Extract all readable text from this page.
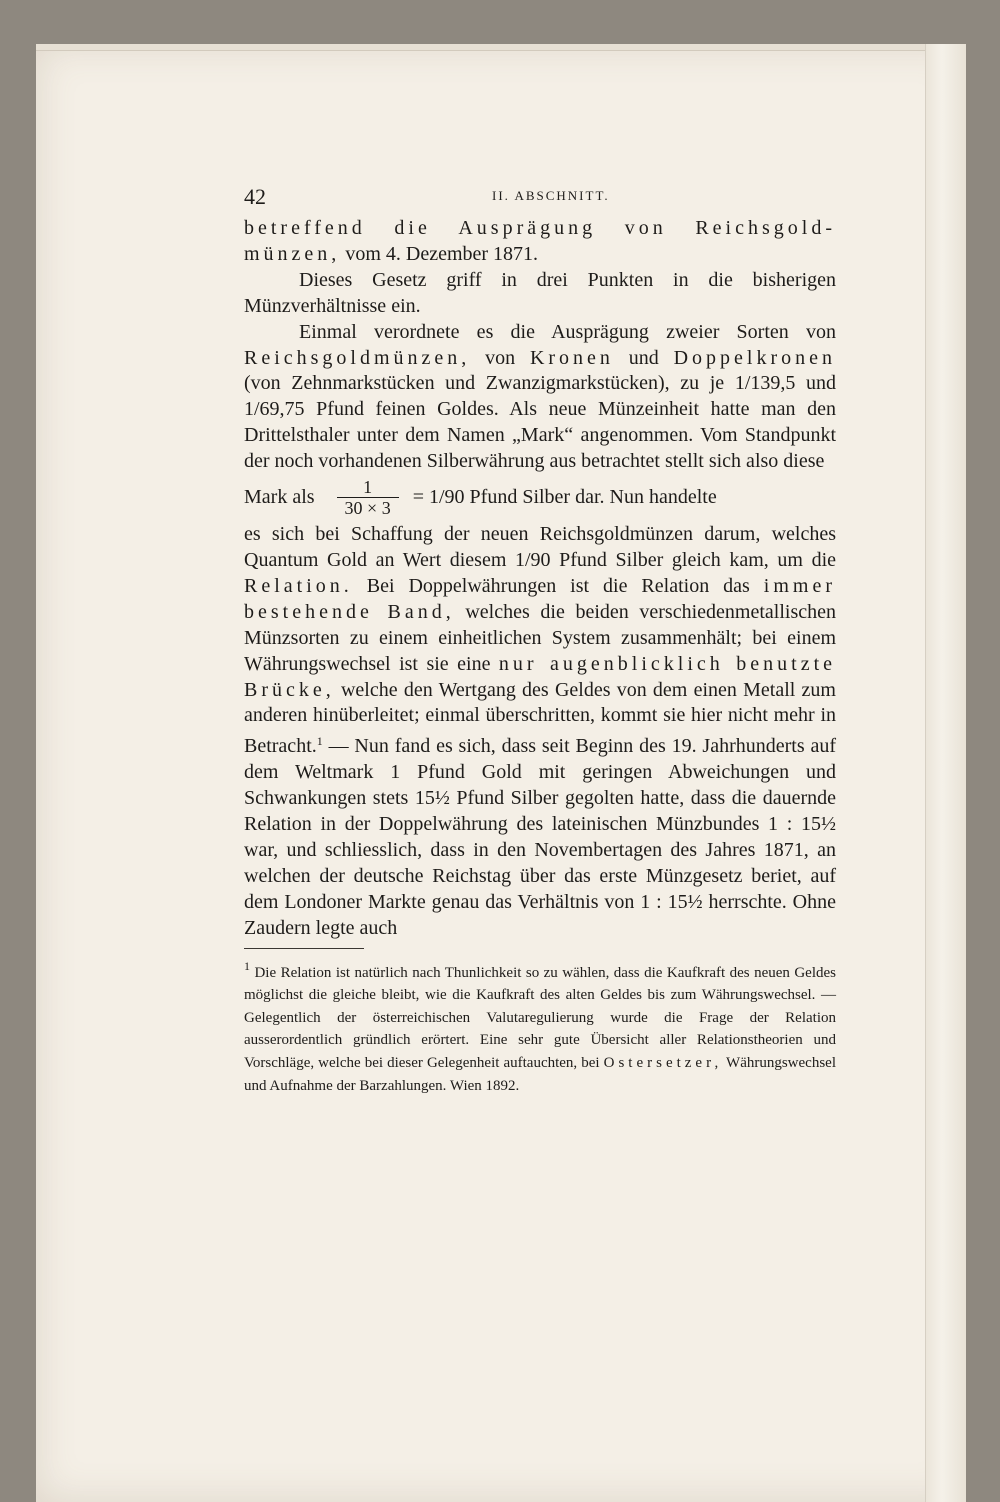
42	II. ABSCHNITT.

betreffend die Ausprägung von Reichsgold- münzen, vom 4. Dezember 1871.

Dieses Gesetz griff in drei Punkten in die bisherigen Münzverhältnisse ein.

Einmal verordnete es die Ausprägung zweier Sorten von Reichsgoldmünzen, von Kronen und Doppelkronen (von Zehnmarkstücken und Zwanzigmarkstücken), zu je 1/139,5 und 1/69,75 Pfund feinen Goldes. Als neue Münzeinheit hatte man den Drittelsthaler unter dem Namen „Mark“ angenommen. Vom Standpunkt der noch vorhandenen Silberwährung aus betrachtet stellt sich also diese

Mark als $\frac{1}{30 \times 3} = 1/90$ Pfund Silber dar. Nun handelte

es sich bei Schaffung der neuen Reichsgoldmünzen darum, welches Quantum Gold an Wert diesem 1/90 Pfund Silber gleich kam, um die Relation. Bei Doppelwährungen ist die Relation das immer bestehende Band, welches die beiden verschiedenmetallischen Münzsorten zu einem einheitlichen System zusammenhält; bei einem Währungswechsel ist sie eine nur augenblicklich benutzte Brücke, welche den Wertgang des Geldes von dem einen Metall zum anderen hinüberleitet; einmal überschritten, kommt sie hier nicht mehr in Betracht.$^1$ — Nun fand es sich, dass seit Beginn des 19. Jahrhunderts auf dem Weltmark 1 Pfund Gold mit geringen Abweichungen und Schwankungen stets 15½ Pfund Silber gegolten hatte, dass die dauernde Relation in der Doppelwährung des lateinischen Münzbundes 1 : 15½ war, und schliesslich, dass in den Novembertagen des Jahres 1871, an welchen der deutsche Reichstag über das erste Münzgesetz beriet, auf dem Londoner Markte genau das Verhältnis von 1 : 15½ herrschte. Ohne Zaudern legte auch

$^1$ Die Relation ist natürlich nach Thunlichkeit so zu wählen, dass die Kaufkraft des neuen Geldes möglichst die gleiche bleibt, wie die Kaufkraft des alten Geldes bis zum Währungswechsel. — Gelegentlich der österreichischen Valutaregulierung wurde die Frage der Relation ausserordentlich gründlich erörtert. Eine sehr gute Übersicht aller Relationstheorien und Vorschläge, welche bei dieser Gelegenheit auftauchten, bei Ostersetzer, Währungswechsel und Aufnahme der Barzahlungen. Wien 1892.
